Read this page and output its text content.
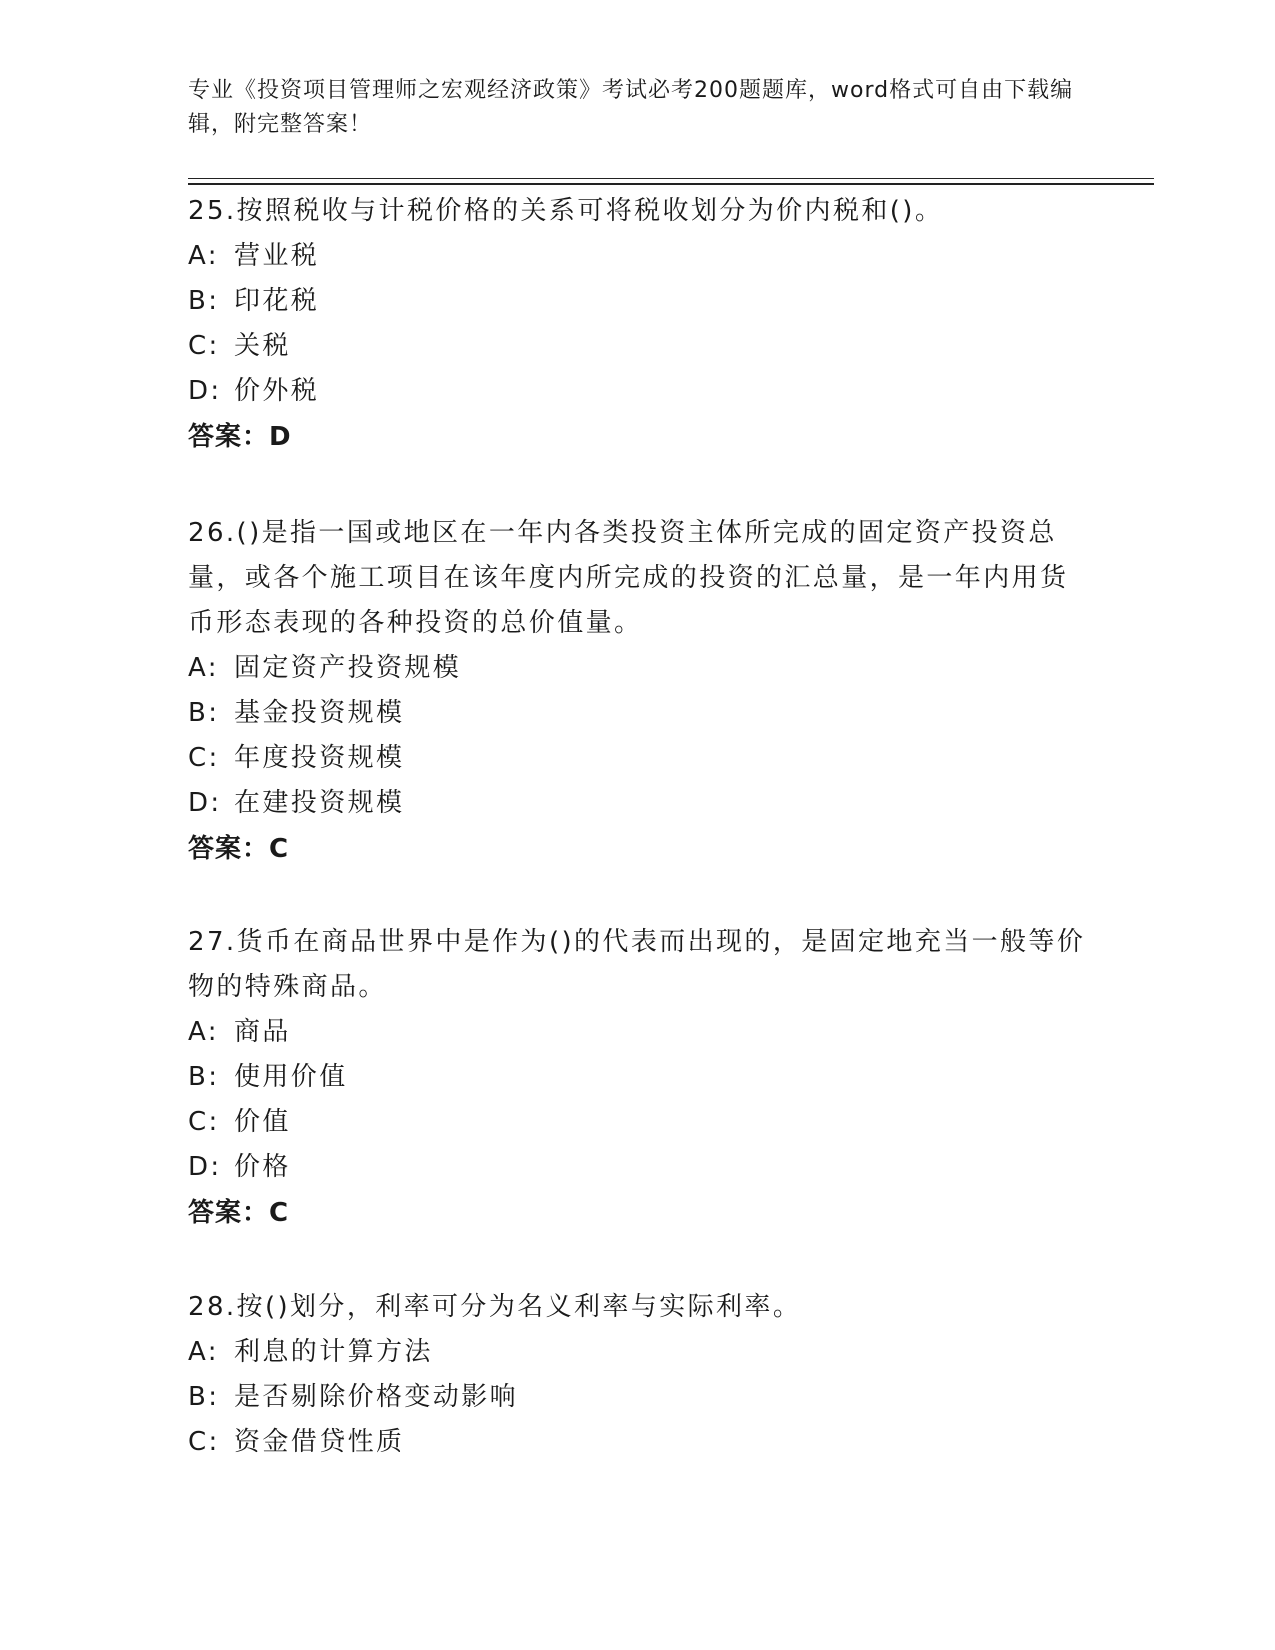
专业《投资项目管理师之宏观经济政策》考试必考200题题库，word格式可自由下载编辑，附完整答案！

25.按照税收与计税价格的关系可将税收划分为价内税和()。

A: 营业税
B: 印花税
C: 关税
D: 价外税

答案：D

26.()是指一国或地区在一年内各类投资主体所完成的固定资产投资总量，或各个施工项目在该年度内所完成的投资的汇总量，是一年内用货币形态表现的各种投资的总价值量。

A: 固定资产投资规模
B: 基金投资规模
C: 年度投资规模
D: 在建投资规模

答案：C

27.货币在商品世界中是作为()的代表而出现的，是固定地充当一般等价物的特殊商品。

A: 商品
B: 使用价值
C: 价值
D: 价格

答案：C

28.按()划分，利率可分为名义利率与实际利率。

A: 利息的计算方法
B: 是否剔除价格变动影响
C: 资金借贷性质
